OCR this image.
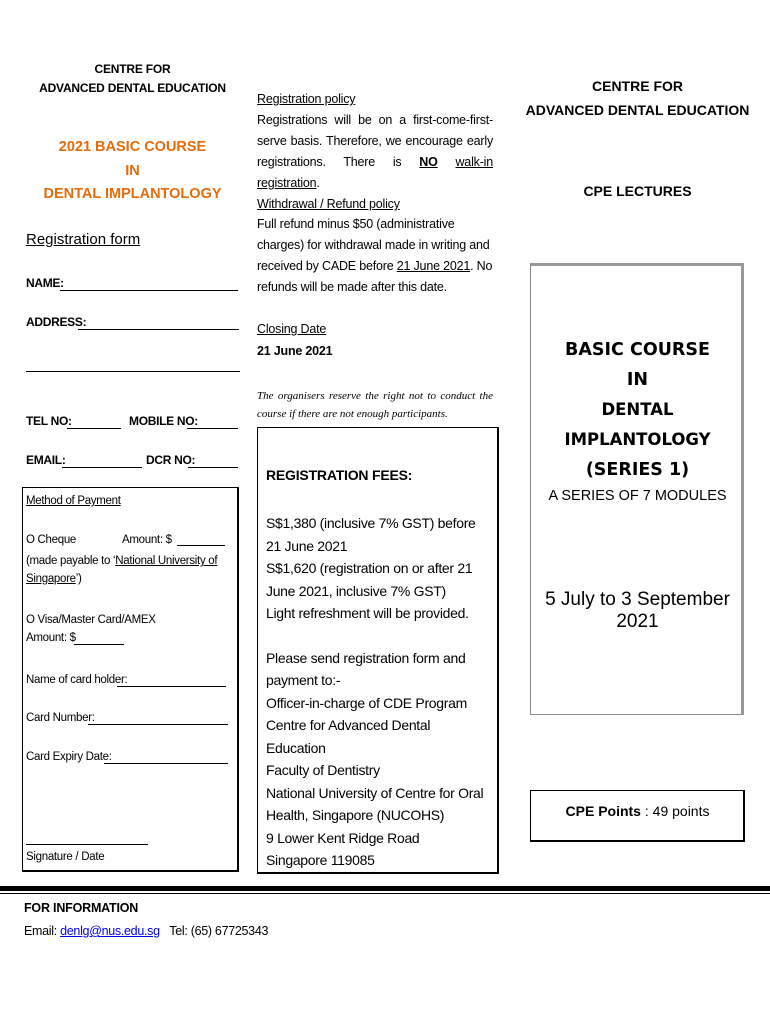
CENTRE FOR
ADVANCED DENTAL EDUCATION
2021 BASIC COURSE
IN
DENTAL IMPLANTOLOGY
Registration form
NAME:
ADDRESS:
TEL NO:	MOBILE NO:
EMAIL:	DCR NO:
Method of Payment
O Cheque	Amount: $
(made payable to ‘National University of Singapore’)
O Visa/Master Card/AMEX
Amount: $
Name of card holder:
Card Number:
Card Expiry Date:
Signature / Date
Registration policy
Registrations will be on a first-come-first-serve basis. Therefore, we encourage early registrations. There is NO walk-in registration.
Withdrawal / Refund policy
Full refund minus $50 (administrative charges) for withdrawal made in writing and received by CADE before 21 June 2021. No refunds will be made after this date.
Closing Date
21 June 2021
The organisers reserve the right not to conduct the course if there are not enough participants.
REGISTRATION FEES:
S$1,380 (inclusive 7% GST) before 21 June 2021
S$1,620 (registration on or after 21 June 2021, inclusive 7% GST)
Light refreshment will be provided.
Please send registration form and payment to:-
Officer-in-charge of CDE Program
Centre for Advanced Dental Education
Faculty of Dentistry
National University of Centre for Oral Health, Singapore (NUCOHS)
9 Lower Kent Ridge Road
Singapore 119085
CENTRE FOR
ADVANCED DENTAL EDUCATION
CPE LECTURES
BASIC COURSE
IN
DENTAL IMPLANTOLOGY
(SERIES 1)
A SERIES OF 7 MODULES
5 July to 3 September 2021
CPE Points : 49 points
FOR INFORMATION
Email: denlg@nus.edu.sg Tel: (65) 67725343
